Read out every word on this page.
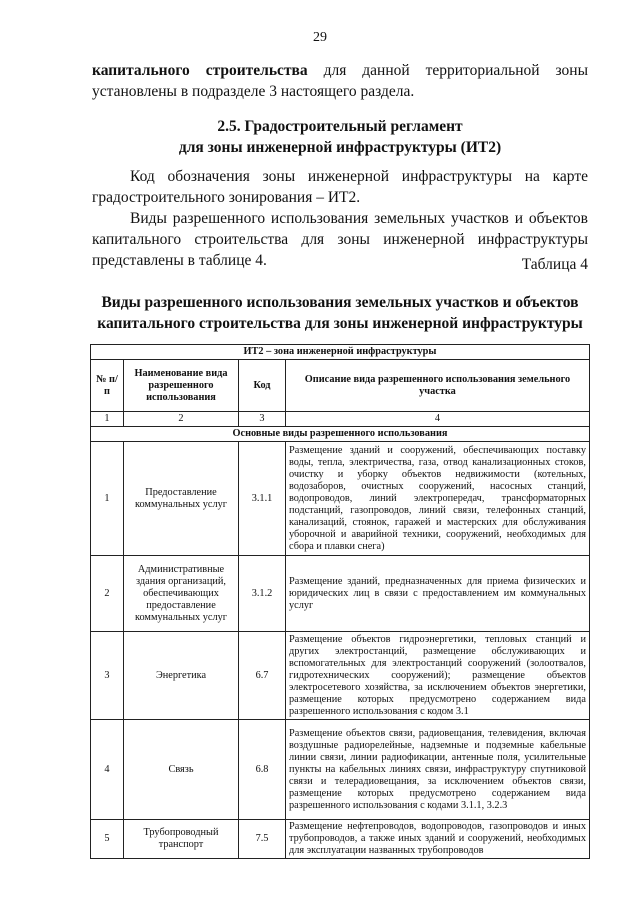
29
капитального строительства для данной территориальной зоны
установлены в подразделе 3 настоящего раздела.
2.5. Градостроительный регламент
для зоны инженерной инфраструктуры (ИТ2)
Код обозначения зоны инженерной инфраструктуры на карте градостроительного зонирования – ИТ2.
Виды разрешенного использования земельных участков и объектов капитального строительства для зоны инженерной инфраструктуры представлены в таблице 4.	Таблица 4
Виды разрешенного использования земельных участков и объектов
капитального строительства для зоны инженерной инфраструктуры
ИТ2 – зона инженерной инфраструктуры			
№ п/п	Наименование вида разрешенного использования	Код	Описание вида разрешенного использования земельного участка
1	2	3	4
Основные виды разрешенного использования			
1	Предоставление коммунальных услуг	3.1.1	Размещение зданий и сооружений, обеспечивающих поставку воды, тепла, электричества, газа, отвод канализационных стоков, очистку и уборку объектов недвижимости (котельных, водозаборов, очистных сооружений, насосных станций, водопроводов, линий электропередач, трансформаторных подстанций, газопроводов, линий связи, телефонных станций, канализаций, стоянок, гаражей и мастерских для обслуживания уборочной и аварийной техники, сооружений, необходимых для сбора и плавки снега)
2	Административные здания организаций, обеспечивающих предоставление коммунальных услуг	3.1.2	Размещение зданий, предназначенных для приема физических и юридических лиц в связи с предоставлением им коммунальных услуг
3	Энергетика	6.7	Размещение объектов гидроэнергетики, тепловых станций и других электростанций, размещение обслуживающих и вспомогательных для электростанций сооружений (золоотвалов, гидротехнических сооружений); размещение объектов электросетевого хозяйства, за исключением объектов энергетики, размещение которых предусмотрено содержанием вида разрешенного использования с кодом 3.1
4	Связь	6.8	Размещение объектов связи, радиовещания, телевидения, включая воздушные радиорелейные, надземные и подземные кабельные линии связи, линии радиофикации, антенные поля, усилительные пункты на кабельных линиях связи, инфраструктуру спутниковой связи и телерадиовещания, за исключением объектов связи, размещение которых предусмотрено содержанием вида разрешенного использования с кодами 3.1.1, 3.2.3
5	Трубопроводный транспорт	7.5	Размещение нефтепроводов, водопроводов, газопроводов и иных трубопроводов, а также иных зданий и сооружений, необходимых для эксплуатации названных трубопроводов
